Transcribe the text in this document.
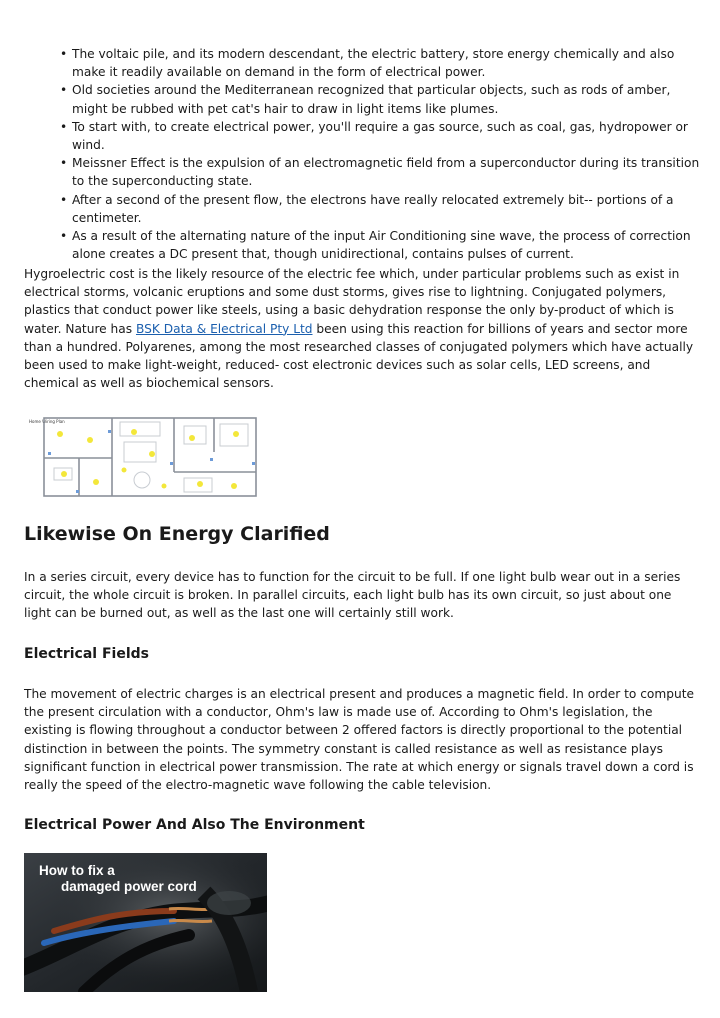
• The voltaic pile, and its modern descendant, the electric battery, store energy chemically and also make it readily available on demand in the form of electrical power.
• Old societies around the Mediterranean recognized that particular objects, such as rods of amber, might be rubbed with pet cat's hair to draw in light items like plumes.
• To start with, to create electrical power, you'll require a gas source, such as coal, gas, hydropower or wind.
• Meissner Effect is the expulsion of an electromagnetic field from a superconductor during its transition to the superconducting state.
• After a second of the present flow, the electrons have really relocated extremely bit-- portions of a centimeter.
• As a result of the alternating nature of the input Air Conditioning sine wave, the process of correction alone creates a DC present that, though unidirectional, contains pulses of current.

Hygroelectric cost is the likely resource of the electric fee which, under particular problems such as exist in electrical storms, volcanic eruptions and some dust storms, gives rise to lightning. Conjugated polymers, plastics that conduct power like steels, using a basic dehydration response the only by-product of which is water. Nature has BSK Data & Electrical Pty Ltd been using this reaction for billions of years and sector more than a hundred. Polyarenes, among the most researched classes of conjugated polymers which have actually been used to make light-weight, reduced- cost electronic devices such as solar cells, LED screens, and chemical as well as biochemical sensors.

Home Wiring Plan
Likewise On Energy Clarified

In a series circuit, every device has to function for the circuit to be full. If one light bulb wear out in a series circuit, the whole circuit is broken. In parallel circuits, each light bulb has its own circuit, so just about one light can be burned out, as well as the last one will certainly still work.

Electrical Fields

The movement of electric charges is an electrical present and produces a magnetic field. In order to compute the present circulation with a conductor, Ohm's law is made use of. According to Ohm's legislation, the existing is flowing throughout a conductor between 2 offered factors is directly proportional to the potential distinction in between the points. The symmetry constant is called resistance as well as resistance plays significant function in electrical power transmission. The rate at which energy or signals travel down a cord is really the speed of the electro-magnetic wave following the cable television.

Electrical Power And Also The Environment
How to fix a
damaged power cord
